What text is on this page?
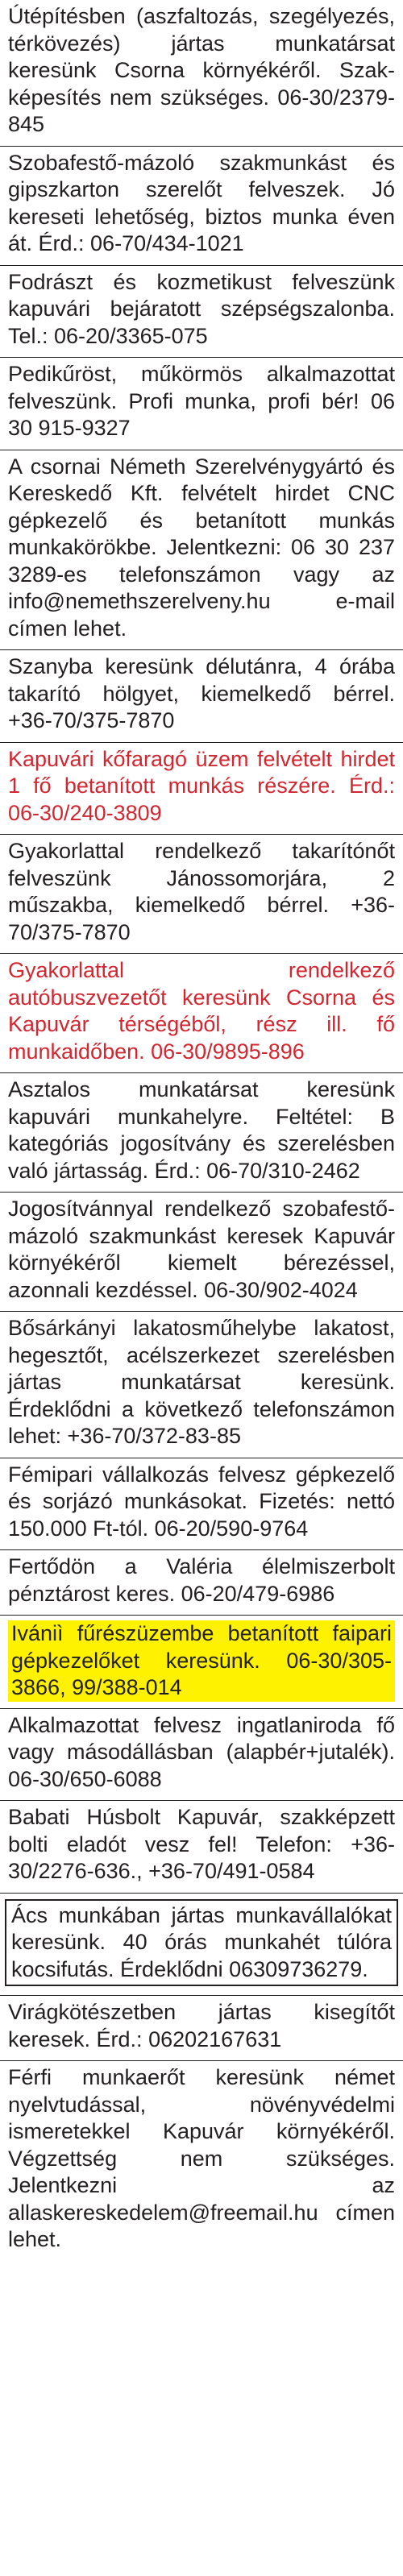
Útépítésben (aszfaltozás, szegélyezés, térkövezés) jártas munkatársat keresünk Csorna környékéről. Szak-képesítés nem szükséges. 06-30/2379-845
Szobafestő-mázoló szakmunkást és gipszkarton szerelőt felveszek. Jó kereseti lehetőség, biztos munka éven át. Érd.: 06-70/434-1021
Fodrászt és kozmetikust felveszünk kapuvári bejáratott szépségszalonba. Tel.: 06-20/3365-075
Pedikűröst, műkörmös alkalmazottat felveszünk. Profi munka, profi bér! 06 30 915-9327
A csornai Németh Szerelvénygyártó és Kereskedő Kft. felvételt hirdet CNC gépkezelő és betanított munkás munkakörökbe. Jelentkezni: 06 30 237 3289-es telefonszámon vagy az info@nemethszerelveny.hu e-mail címen lehet.
Szanyba keresünk délutánra, 4 órába takarító hölgyet, kiemelkedő bérrel. +36-70/375-7870
Kapuvári kőfaragó üzem felvételt hirdet 1 fő betanított munkás részére. Érd.: 06-30/240-3809
Gyakorlattal rendelkező takarítónőt felveszünk Jánossomorjára, 2 műszakba, kiemelkedő bérrel. +36-70/375-7870
Gyakorlattal rendelkező autóbuszvezetőt keresünk Csorna és Kapuvár térségéből, rész ill. fő munkaidőben. 06-30/9895-896
Asztalos munkatársat keresünk kapuvári munkahelyre. Feltétel: B kategóriás jogosítvány és szerelésben való jártasság. Érd.: 06-70/310-2462
Jogosítvánnyal rendelkező szobafestő-mázoló szakmunkást keresek Kapuvár környékéről kiemelt bérezéssel, azonnali kezdéssel. 06-30/902-4024
Bősárkányi lakatosműhelybe lakatost, hegesztőt, acélszerkezet szerelésben jártas munkatársat keresünk. Érdeklődni a következő telefonszámon lehet: +36-70/372-83-85
Fémipari vállalkozás felvesz gépkezelő és sorjázó munkásokat. Fizetés: nettó 150.000 Ft-tól. 06-20/590-9764
Fertődön a Valéria élelmiszerbolt pénztárost keres. 06-20/479-6986
Ivániì fűrészüzembe betanított faipari gépkezelőket keresünk. 06-30/305-3866, 99/388-014
Alkalmazottat felvesz ingatlaniroda fő vagy másodállásban (alapbér+jutalék). 06-30/650-6088
Babati Húsbolt Kapuvár, szakképzett bolti eladót vesz fel! Telefon: +36-30/2276-636., +36-70/491-0584
Ács munkában jártas munkavállalókat keresünk. 40 órás munkahét túlóra kocsifutás. Érdeklődni 06309736279.
Virágkötészetben jártas kisegítőt keresek. Érd.: 06202167631
Férfi munkaerőt keresünk német nyelvtudással, növényvédelmi ismeretekkel Kapuvár környékéről. Végzettség nem szükséges. Jelentkezni az allaskereskedelem@freemail.hu címen lehet.
